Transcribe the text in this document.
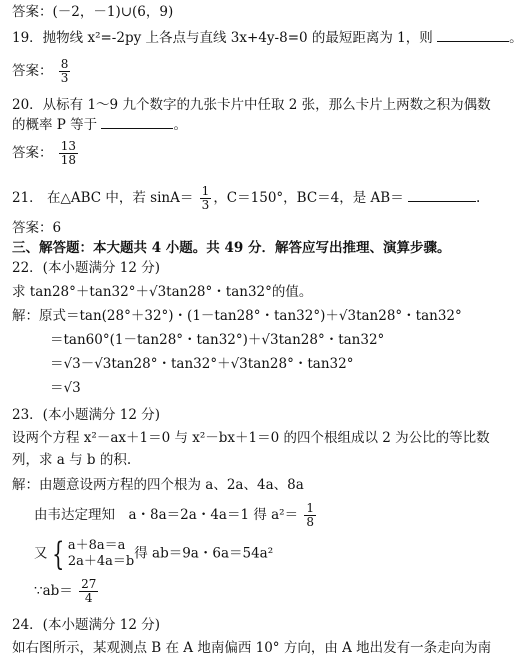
答案：(－2，－1)∪(6，9)
19．抛物线 x²=-2py 上各点与直线 3x+4y-8=0 的最短距离为 1，则	。
答案： $\frac{8}{3}$
20．从标有 1～9 九个数字的九张卡片中任取 2 张，那么卡片上两数之积为偶数
的概率 P 等于	。
答案： $\frac{13}{18}$
21． 在△ABC 中，若 $\sin A= \frac{1}{3}$ ，C＝150°，BC＝4，是 AB＝	.
答案：6
三、解答题：本大题共 4 小题。共 49 分．解答应写出推理、演算步骤。
22．(本小题满分 12 分)
求 tan28°＋tan32°＋√3tan28°・tan32°的值。
解：原式＝tan(28°＋32°)・(1－tan28°・tan32°)＋√3tan28°・tan32°
＝tan60°(1－tan28°・tan32°)＋√3tan28°・tan32°
＝√3－√3tan28°・tan32°＋√3tan28°・tan32°
＝√3
23．(本小题满分 12 分)
设两个方程 x²－ax＋1＝0 与 x²－bx＋1＝0 的四个根组成以 2 为公比的等比数
列，求 a 与 b 的积.
解：由题意设两方程的四个根为 a、2a、4a、8a
由韦达定理知　a・8a＝2a・4a＝1 得 $a^2= \frac{1}{8}$
又 { a＋8a＝a
2a＋4a＝b 得 ab＝9a・6a＝54a²
∵ab＝ $\frac{27}{4}$
24．(本小题满分 12 分)
如右图所示，某观测点 B 在 A 地南偏西 10° 方向，由 A 地出发有一条走向为南
